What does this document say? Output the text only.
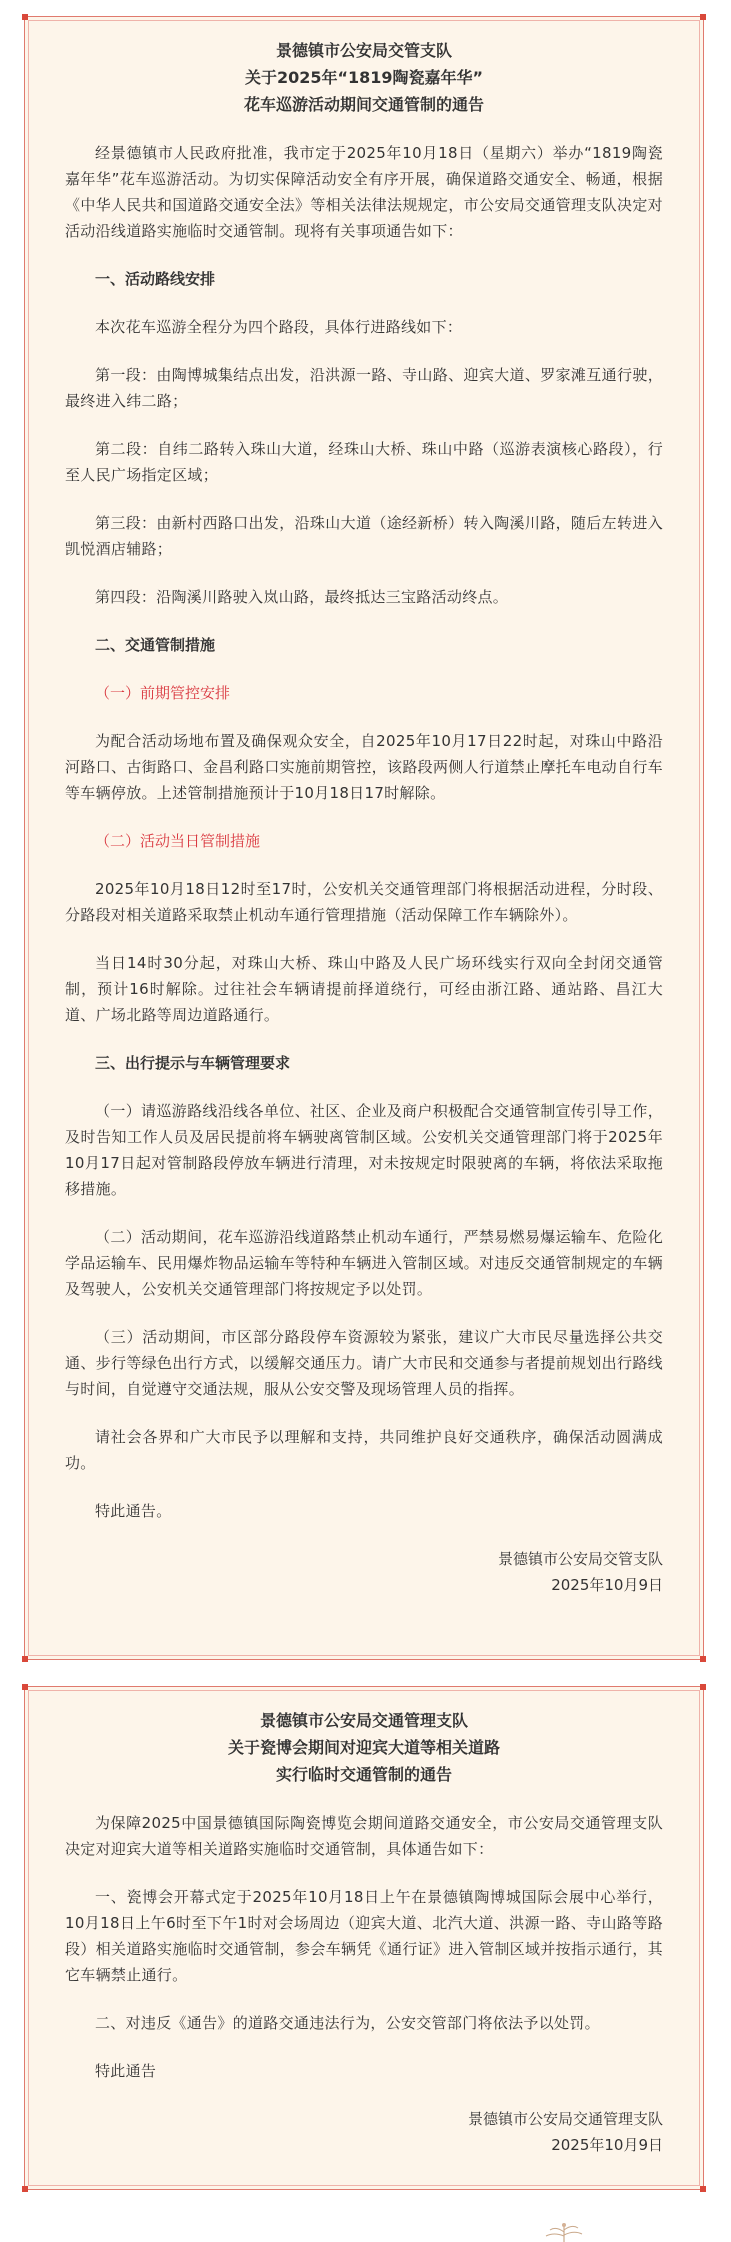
景德镇市公安局交管支队
关于2025年“1819陶瓷嘉年华”
花车巡游活动期间交通管制的通告

经景德镇市人民政府批准，我市定于2025年10月18日（星期六）举办“1819陶瓷嘉年华”花车巡游活动。为切实保障活动安全有序开展，确保道路交通安全、畅通，根据《中华人民共和国道路交通安全法》等相关法律法规规定，市公安局交通管理支队决定对活动沿线道路实施临时交通管制。现将有关事项通告如下：

一、活动路线安排

本次花车巡游全程分为四个路段，具体行进路线如下：

第一段：由陶博城集结点出发，沿洪源一路、寺山路、迎宾大道、罗家滩互通行驶，最终进入纬二路；

第二段：自纬二路转入珠山大道，经珠山大桥、珠山中路（巡游表演核心路段），行至人民广场指定区域；

第三段：由新村西路口出发，沿珠山大道（途经新桥）转入陶溪川路，随后左转进入凯悦酒店辅路；

第四段：沿陶溪川路驶入岚山路，最终抵达三宝路活动终点。

二、交通管制措施

（一）前期管控安排

为配合活动场地布置及确保观众安全，自2025年10月17日22时起，对珠山中路沿河路口、古街路口、金昌利路口实施前期管控，该路段两侧人行道禁止摩托车电动自行车等车辆停放。上述管制措施预计于10月18日17时解除。

（二）活动当日管制措施

2025年10月18日12时至17时，公安机关交通管理部门将根据活动进程，分时段、分路段对相关道路采取禁止机动车通行管理措施（活动保障工作车辆除外）。

当日14时30分起，对珠山大桥、珠山中路及人民广场环线实行双向全封闭交通管制，预计16时解除。过往社会车辆请提前择道绕行，可经由浙江路、通站路、昌江大道、广场北路等周边道路通行。

三、出行提示与车辆管理要求

（一）请巡游路线沿线各单位、社区、企业及商户积极配合交通管制宣传引导工作，及时告知工作人员及居民提前将车辆驶离管制区域。公安机关交通管理部门将于2025年10月17日起对管制路段停放车辆进行清理，对未按规定时限驶离的车辆，将依法采取拖移措施。

（二）活动期间，花车巡游沿线道路禁止机动车通行，严禁易燃易爆运输车、危险化学品运输车、民用爆炸物品运输车等特种车辆进入管制区域。对违反交通管制规定的车辆及驾驶人，公安机关交通管理部门将按规定予以处罚。

（三）活动期间，市区部分路段停车资源较为紧张，建议广大市民尽量选择公共交通、步行等绿色出行方式，以缓解交通压力。请广大市民和交通参与者提前规划出行路线与时间，自觉遵守交通法规，服从公安交警及现场管理人员的指挥。

请社会各界和广大市民予以理解和支持，共同维护良好交通秩序，确保活动圆满成功。

特此通告。

景德镇市公安局交管支队

2025年10月9日

景德镇市公安局交通管理支队
关于瓷博会期间对迎宾大道等相关道路
实行临时交通管制的通告

为保障2025中国景德镇国际陶瓷博览会期间道路交通安全，市公安局交通管理支队决定对迎宾大道等相关道路实施临时交通管制，具体通告如下：

一、瓷博会开幕式定于2025年10月18日上午在景德镇陶博城国际会展中心举行，10月18日上午6时至下午1时对会场周边（迎宾大道、北汽大道、洪源一路、寺山路等路段）相关道路实施临时交通管制，参会车辆凭《通行证》进入管制区域并按指示通行，其它车辆禁止通行。

二、对违反《通告》的道路交通违法行为，公安交管部门将依法予以处罚。

特此通告

景德镇市公安局交通管理支队

2025年10月9日
